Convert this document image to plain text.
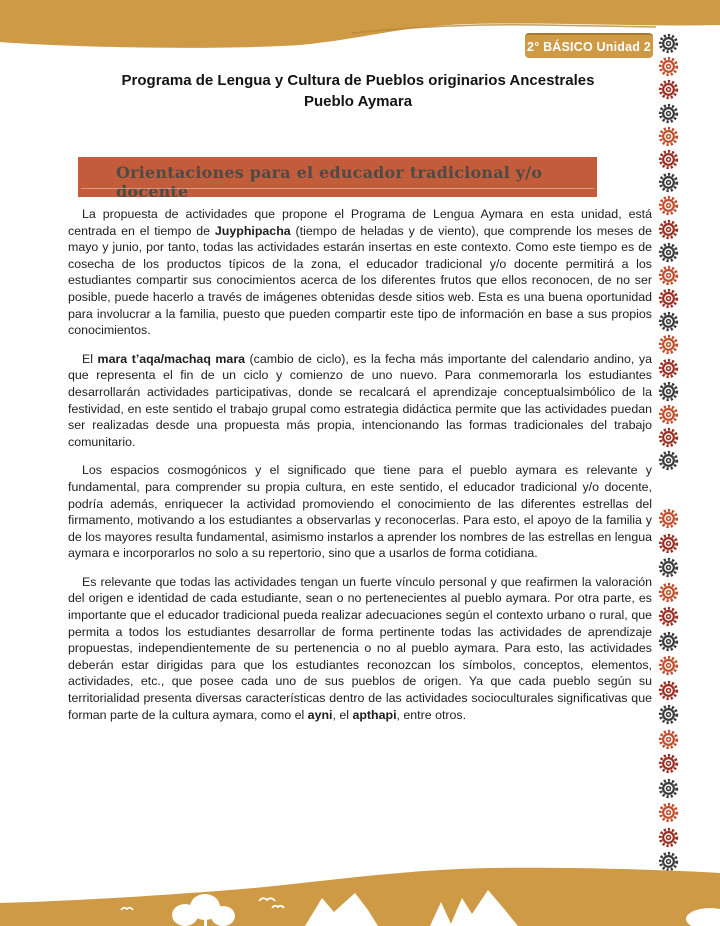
2° BÁSICO Unidad 2
Programa de Lengua y Cultura de Pueblos originarios Ancestrales
Pueblo Aymara
Orientaciones para el educador tradicional y/o docente

La propuesta de actividades que propone el Programa de Lengua Aymara en esta unidad, está centrada en el tiempo de Juyphipacha (tiempo de heladas y de viento), que comprende los meses de mayo y junio, por tanto, todas las actividades estarán insertas en este contexto. Como este tiempo es de cosecha de los productos típicos de la zona, el educador tradicional y/o docente permitirá a los estudiantes compartir sus conocimientos acerca de los diferentes frutos que ellos reconocen, de no ser posible, puede hacerlo a través de imágenes obtenidas desde sitios web. Esta es una buena oportunidad para involucrar a la familia, puesto que pueden compartir este tipo de información en base a sus propios conocimientos.

El mara t’aqa/machaq mara (cambio de ciclo), es la fecha más importante del calendario andino, ya que representa el fin de un ciclo y comienzo de uno nuevo. Para conmemorarla los estudiantes desarrollarán actividades participativas, donde se recalcará el aprendizaje conceptualsimbólico de la festividad, en este sentido el trabajo grupal como estrategia didáctica permite que las actividades puedan ser realizadas desde una propuesta más propia, intencionando las formas tradicionales del trabajo comunitario.

Los espacios cosmogónicos y el significado que tiene para el pueblo aymara es relevante y fundamental, para comprender su propia cultura, en este sentido, el educador tradicional y/o docente, podría además, enriquecer la actividad promoviendo el conocimiento de las diferentes estrellas del firmamento, motivando a los estudiantes a observarlas y reconocerlas. Para esto, el apoyo de la familia y de los mayores resulta fundamental, asimismo instarlos a aprender los nombres de las estrellas en lengua aymara e incorporarlos no solo a su repertorio, sino que a usarlos de forma cotidiana.

Es relevante que todas las actividades tengan un fuerte vínculo personal y que reafirmen la valoración del origen e identidad de cada estudiante, sean o no pertenecientes al pueblo aymara. Por otra parte, es importante que el educador tradicional pueda realizar adecuaciones según el contexto urbano o rural, que permita a todos los estudiantes desarrollar de forma pertinente todas las actividades de aprendizaje propuestas, independientemente de su pertenencia o no al pueblo aymara. Para esto, las actividades deberán estar dirigidas para que los estudiantes reconozcan los símbolos, conceptos, elementos, actividades, etc., que posee cada uno de sus pueblos de origen. Ya que cada pueblo según su territorialidad presenta diversas características dentro de las actividades socioculturales significativas que forman parte de la cultura aymara, como el ayni, el apthapi, entre otros.
